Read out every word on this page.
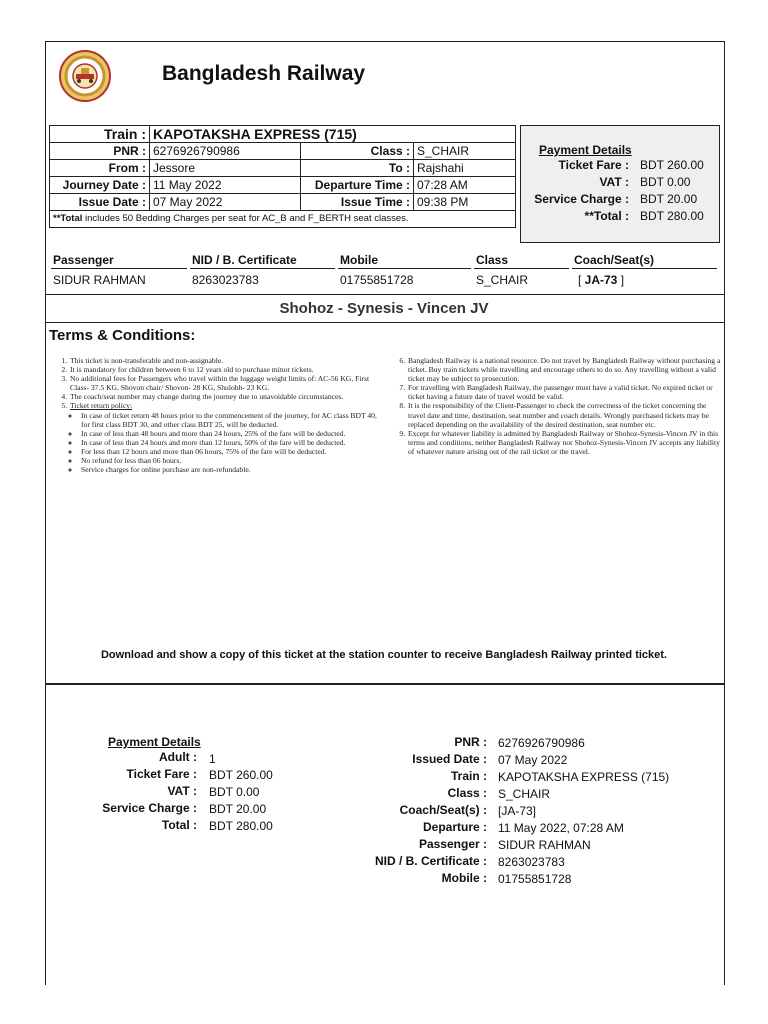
Bangladesh Railway
Train :	KAPOTAKSHA EXPRESS (715)		
PNR :	6276926790986	Class :	S_CHAIR
From :	Jessore	To :	Rajshahi
Journey Date :	11 May 2022	Departure Time :	07:28 AM
Issue Date :	07 May 2022	Issue Time :	09:38 PM
**Total includes 50 Bedding Charges per seat for AC_B and F_BERTH seat classes.			
Payment Details
Ticket Fare : BDT 260.00
VAT : BDT 0.00
Service Charge : BDT 20.00
**Total : BDT 280.00
Passenger	NID / B. Certificate	Mobile	Class	Coach/Seat(s)
SIDUR RAHMAN	8263023783	01755851728	S_CHAIR	[ JA-73 ]
Shohoz - Synesis - Vincen JV
Terms & Conditions:
1. This ticket is non-transferable and non-assignable.
2. It is mandatory for children between 6 to 12 years old to purchase minor tickets.
3. No additional fees for Passengers who travel within the luggage weight limits of: AC-56 KG, First Class- 37.5 KG, Shovon chair/ Shovon- 28 KG, Shulobh- 23 KG.
4. The coach/seat number may change during the journey due to unavoidable circumstances.
5. Ticket return policy:
◦ In case of ticket return 48 hours prior to the commencement of the journey, for AC class BDT 40, for first class BDT 30, and other class BDT 25, will be deducted.
◦ In case of less than 48 hours and more than 24 hours, 25% of the fare will be deducted.
◦ In case of less than 24 hours and more than 12 hours, 50% of the fare will be deducted.
◦ For less than 12 hours and more than 06 hours, 75% of the fare will be deducted.
◦ No refund for less than 06 hours.
◦ Service charges for online purchase are non-refundable.
6. Bangladesh Railway is a national resource. Do not travel by Bangladesh Railway without purchasing a ticket. Buy train tickets while travelling and encourage others to do so. Any travelling without a valid ticket may be subject to prosecution.
7. For travelling with Bangladesh Railway, the passenger must have a valid ticket. No expired ticket or ticket having a future date of travel would be valid.
8. It is the responsibility of the Client-Passenger to check the correctness of the ticket concerning the travel date and time, destination, seat number and coach details. Wrongly purchased tickets may be replaced depending on the availability of the desired destination, seat number etc.
9. Except for whatever liability is admitted by Bangladesh Railway or Shohoz-Synesis-Vincen JV in this terms and conditions, neither Bangladesh Railway nor Shohoz-Synesis-Vincen JV accepts any liability of whatever nature arising out of the rail ticket or the travel.
Download and show a copy of this ticket at the station counter to receive Bangladesh Railway printed ticket.
Payment Details
Adult : 1
Ticket Fare : BDT 260.00
VAT : BDT 0.00
Service Charge : BDT 20.00
Total : BDT 280.00
PNR : 6276926790986
Issued Date : 07 May 2022
Train : KAPOTAKSHA EXPRESS (715)
Class : S_CHAIR
Coach/Seat(s) : [JA-73]
Departure : 11 May 2022, 07:28 AM
Passenger : SIDUR RAHMAN
NID / B. Certificate : 8263023783
Mobile : 01755851728
